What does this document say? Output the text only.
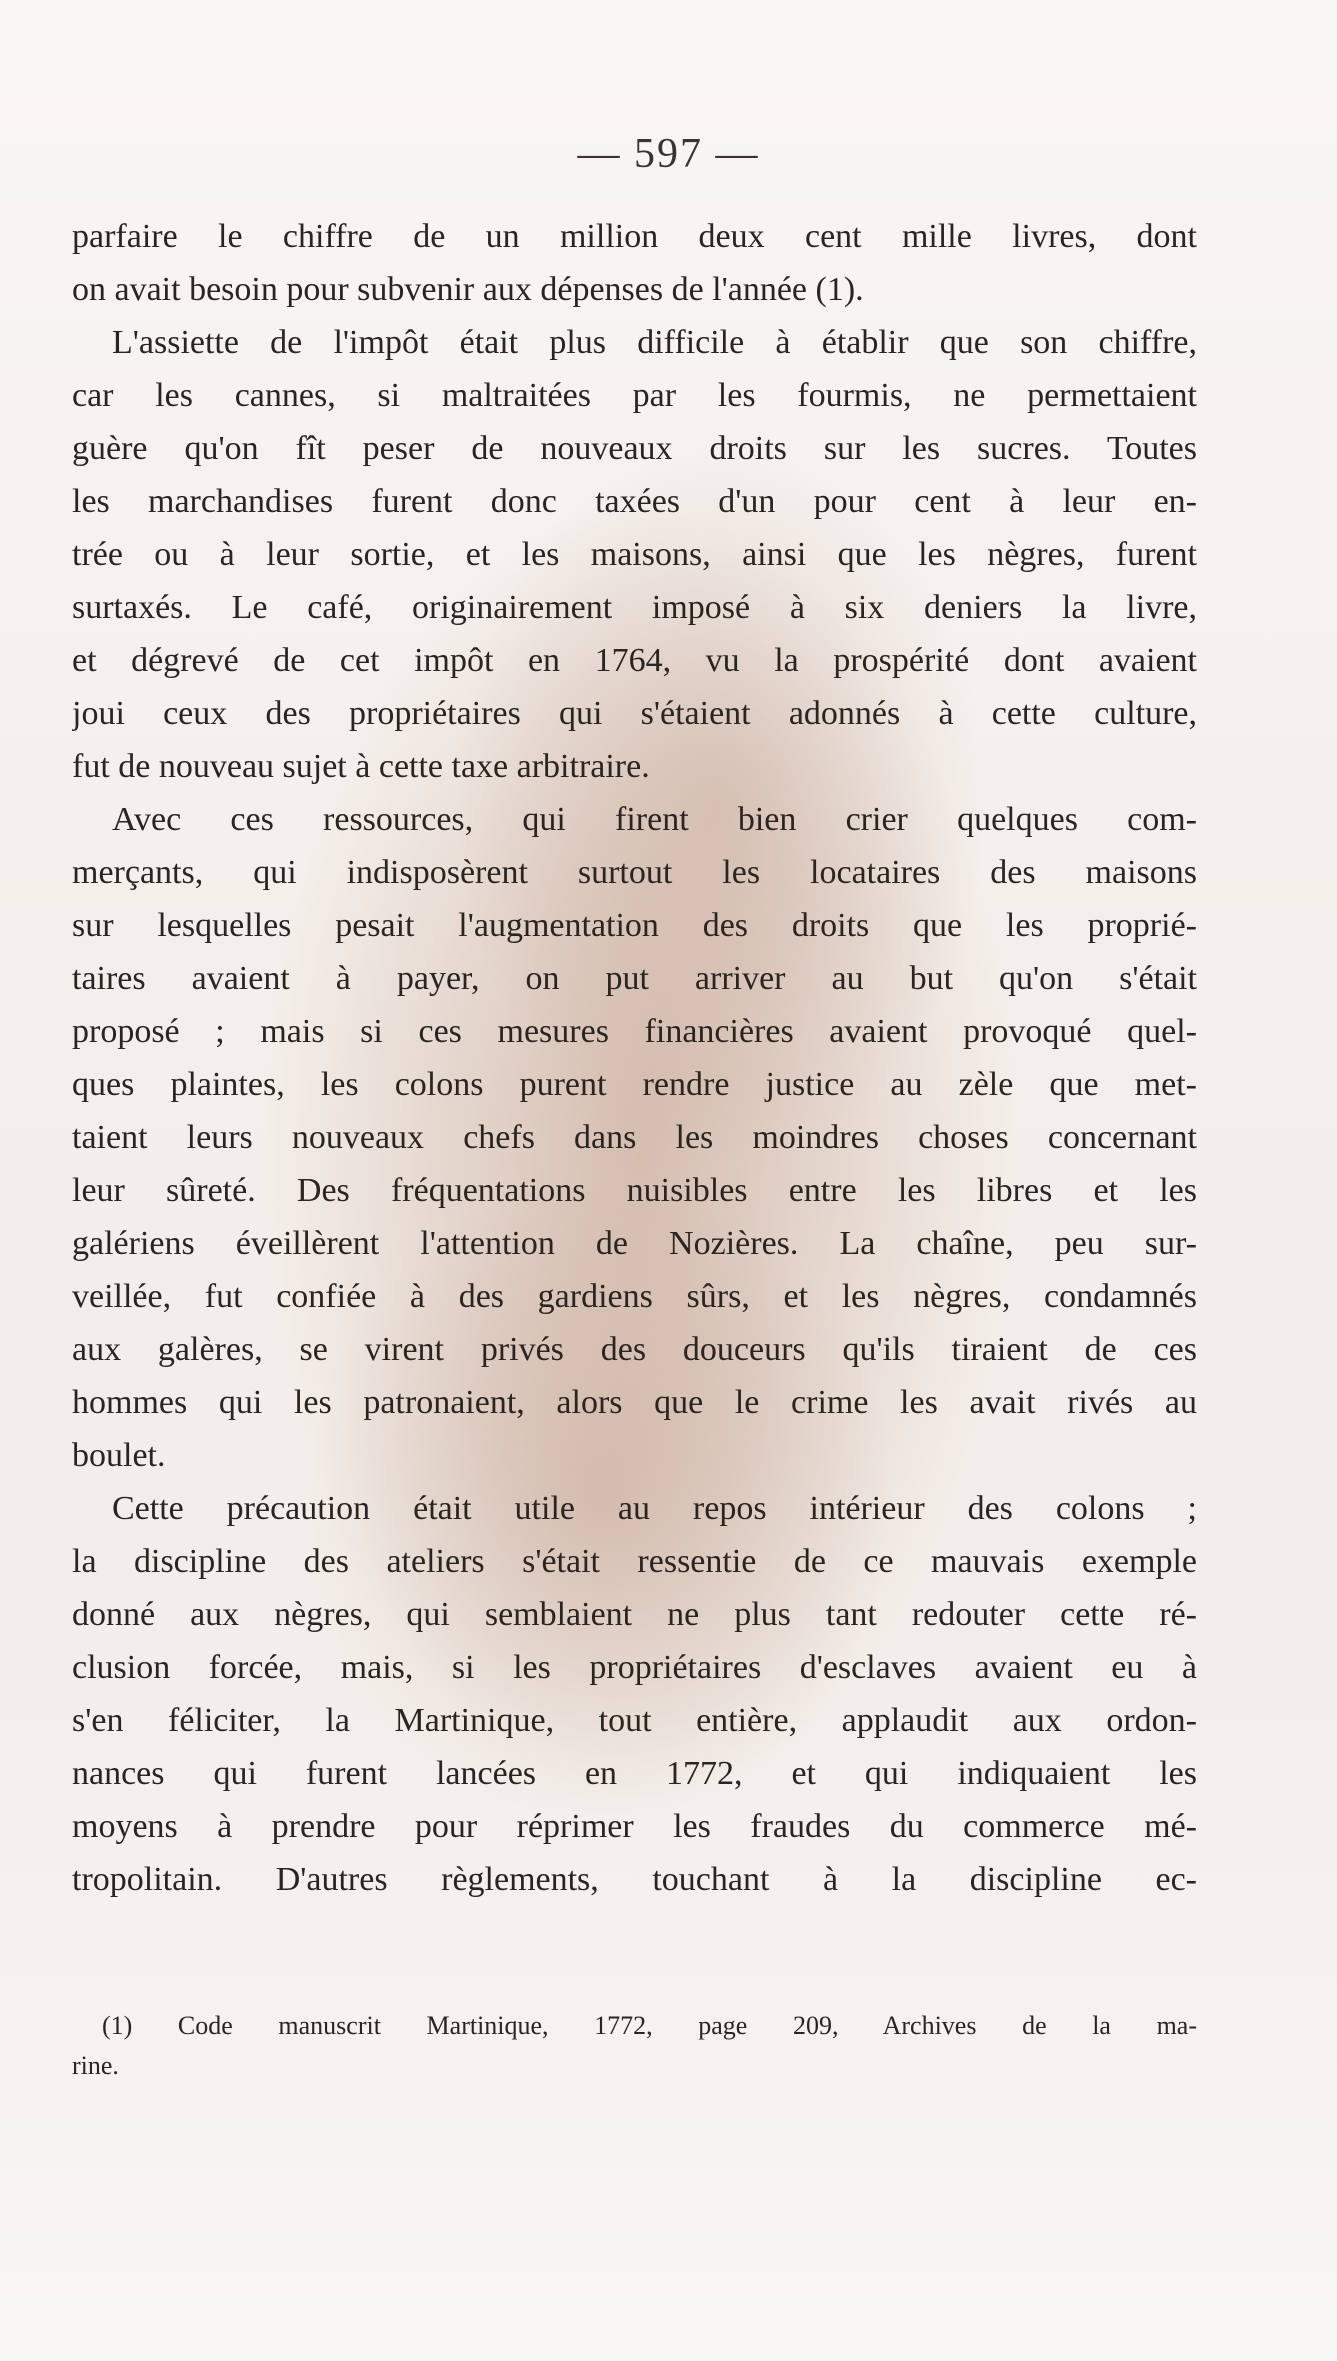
— 597 —
parfaire le chiffre de un million deux cent mille livres, dont
on avait besoin pour subvenir aux dépenses de l'année (1).
L'assiette de l'impôt était plus difficile à établir que son chiffre,
car les cannes, si maltraitées par les fourmis, ne permettaient
guère qu'on fît peser de nouveaux droits sur les sucres. Toutes
les marchandises furent donc taxées d'un pour cent à leur en-
trée ou à leur sortie, et les maisons, ainsi que les nègres, furent
surtaxés. Le café, originairement imposé à six deniers la livre,
et dégrevé de cet impôt en 1764, vu la prospérité dont avaient
joui ceux des propriétaires qui s'étaient adonnés à cette culture,
fut de nouveau sujet à cette taxe arbitraire.
Avec ces ressources, qui firent bien crier quelques com-
merçants, qui indisposèrent surtout les locataires des maisons
sur lesquelles pesait l'augmentation des droits que les proprié-
taires avaient à payer, on put arriver au but qu'on s'était
proposé ; mais si ces mesures financières avaient provoqué quel-
ques plaintes, les colons purent rendre justice au zèle que met-
taient leurs nouveaux chefs dans les moindres choses concernant
leur sûreté. Des fréquentations nuisibles entre les libres et les
galériens éveillèrent l'attention de Nozières. La chaîne, peu sur-
veillée, fut confiée à des gardiens sûrs, et les nègres, condamnés
aux galères, se virent privés des douceurs qu'ils tiraient de ces
hommes qui les patronaient, alors que le crime les avait rivés au
boulet.
Cette précaution était utile au repos intérieur des colons ;
la discipline des ateliers s'était ressentie de ce mauvais exemple
donné aux nègres, qui semblaient ne plus tant redouter cette ré-
clusion forcée, mais, si les propriétaires d'esclaves avaient eu à
s'en féliciter, la Martinique, tout entière, applaudit aux ordon-
nances qui furent lancées en 1772, et qui indiquaient les
moyens à prendre pour réprimer les fraudes du commerce mé-
tropolitain. D'autres règlements, touchant à la discipline ec-
(1) Code manuscrit Martinique, 1772, page 209, Archives de la ma-
rine.
